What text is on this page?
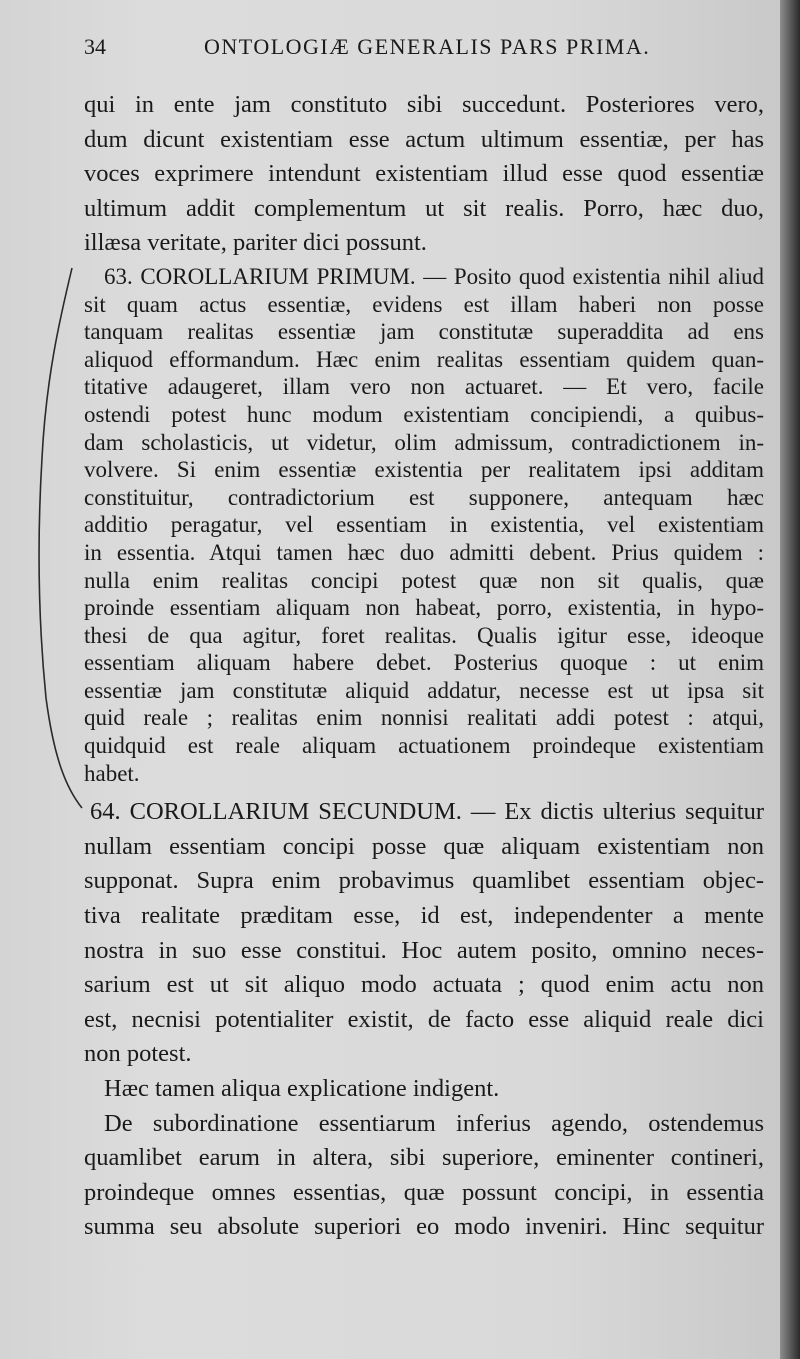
34	ONTOLOGIÆ GENERALIS PARS PRIMA.

qui in ente jam constituto sibi succedunt. Posteriores vero,
dum dicunt existentiam esse actum ultimum essentiæ, per has
voces exprimere intendunt existentiam illud esse quod essentiæ
ultimum addit complementum ut sit realis. Porro, hæc duo,
illæsa veritate, pariter dici possunt.

63. COROLLARIUM PRIMUM. — Posito quod existentia nihil aliud
sit quam actus essentiæ, evidens est illam haberi non posse
tanquam realitas essentiæ jam constitutæ superaddita ad ens
aliquod efformandum. Hæc enim realitas essentiam quidem quan-
titative adaugeret, illam vero non actuaret. — Et vero, facile
ostendi potest hunc modum existentiam concipiendi, a quibus-
dam scholasticis, ut videtur, olim admissum, contradictionem in-
volvere. Si enim essentiæ existentia per realitatem ipsi additam
constituitur, contradictorium est supponere, antequam hæc
additio peragatur, vel essentiam in existentia, vel existentiam
in essentia. Atqui tamen hæc duo admitti debent. Prius quidem :
nulla enim realitas concipi potest quæ non sit qualis, quæ
proinde essentiam aliquam non habeat, porro, existentia, in hypo-
thesi de qua agitur, foret realitas. Qualis igitur esse, ideoque
essentiam aliquam habere debet. Posterius quoque : ut enim
essentiæ jam constitutæ aliquid addatur, necesse est ut ipsa sit
quid reale ; realitas enim nonnisi realitati addi potest : atqui,
quidquid est reale aliquam actuationem proindeque existentiam
habet.

64. COROLLARIUM SECUNDUM. — Ex dictis ulterius sequitur
nullam essentiam concipi posse quæ aliquam existentiam non
supponat. Supra enim probavimus quamlibet essentiam objec-
tiva realitate præditam esse, id est, independenter a mente
nostra in suo esse constitui. Hoc autem posito, omnino neces-
sarium est ut sit aliquo modo actuata ; quod enim actu non
est, necnisi potentialiter existit, de facto esse aliquid reale dici
non potest.

Hæc tamen aliqua explicatione indigent.

De subordinatione essentiarum inferius agendo, ostendemus
quamlibet earum in altera, sibi superiore, eminenter contineri,
proindeque omnes essentias, quæ possunt concipi, in essentia
summa seu absolute superiori eo modo inveniri. Hinc sequitur
